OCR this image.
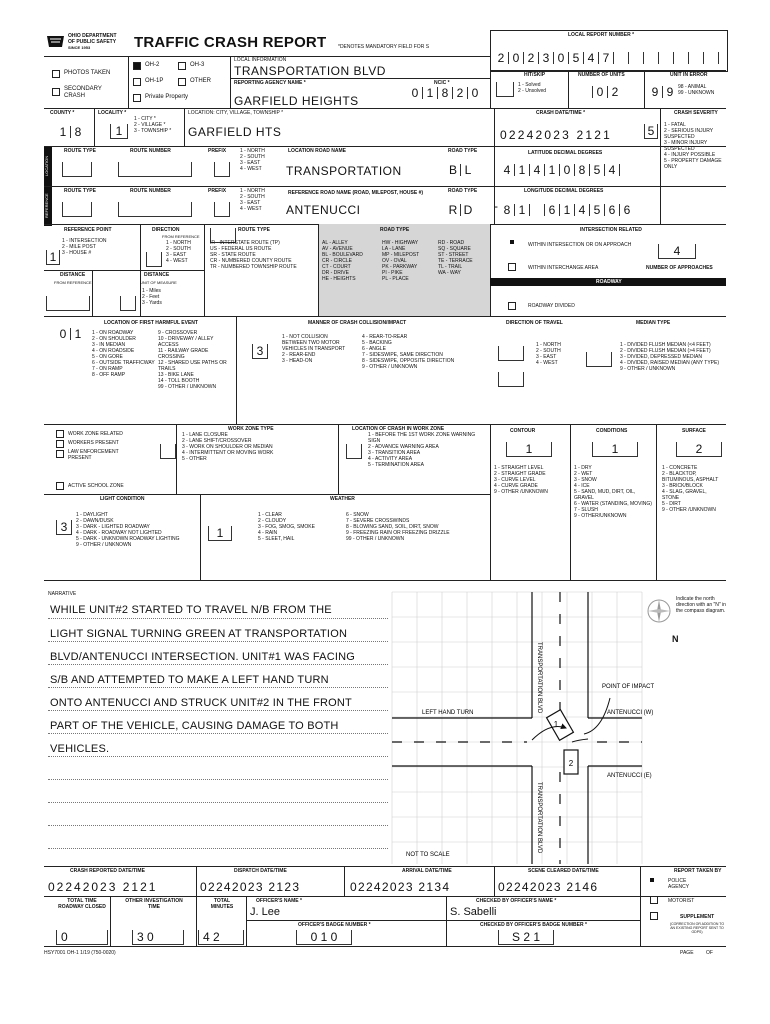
OHIO DEPARTMENT
OF PUBLIC SAFETY
SINCE 1953	TRAFFIC CRASH REPORT *DENOTES MANDATORY FIELD FOR S
LOCAL REPORT NUMBER *
2 0 2 3 0 5 4 7
PHOTOS TAKEN
SECONDARY CRASH
OH-2	OH-3
OH-1P	OTHER
Private Property
LOCAL INFORMATION
TRANSPORTATION BLVD
REPORTING AGENCY NAME *
GARFIELD HEIGHTS
NCIC *
0 1 8 2 0
HIT/SKIP
1 - Solved
2 - Unsolved
NUMBER OF UNITS
0 2
UNIT IN ERROR
9 9 98 - ANIMAL
99 - UNKNOWN
LOCATION
REFERENCE
COUNTY *
1 8
LOCALITY *
1
1 - CITY *
2 - VILLAGE *
3 - TOWNSHIP *
LOCATION: CITY, VILLAGE, TOWNSHIP *
GARFIELD HTS
CRASH DATE/TIME *
02242023 2121
CRASH SEVERITY
5	1 - FATAL
2 - SERIOUS INJURY SUSPECTED
3 - MINOR INJURY SUSPECTED
4 - INJURY POSSIBLE
5 - PROPERTY DAMAGE ONLY
ROUTE TYPE	ROUTE NUMBER	PREFIX	1 - NORTH
2 - SOUTH
3 - EAST
4 - WEST
LOCATION ROAD NAME
TRANSPORTATION
ROAD TYPE
B L
LATITUDE DECIMAL DEGREES
4 1 4 1 0 8 5 4
ROUTE TYPE	ROUTE NUMBER	PREFIX	1 - NORTH
2 - SOUTH
3 - EAST
4 - WEST
REFERENCE ROAD NAME (ROAD, MILEPOST, HOUSE #)
ANTENUCCI
ROAD TYPE
R D
LONGITUDE DECIMAL DEGREES
- 8 1	6 1 4 5 6 6
REFERENCE POINT
1
1 - INTERSECTION
2 - MILE POST
3 - HOUSE #
DIRECTION
FROM REFERENCE
1 - NORTH
2 - SOUTH
3 - EAST
4 - WEST
DISTANCE
FROM REFERENCE
DISTANCE
UNIT OF MEASURE
1 - Miles
2 - Feet
3 - Yards
ROUTE TYPE
IR - INTERSTATE ROUTE (TP)
US - FEDERAL US ROUTE
SR - STATE ROUTE
CR - NUMBERED COUNTY ROUTE
TR - NUMBERED TOWNSHIP ROUTE
ROAD TYPE
AL - ALLEY
AV - AVENUE
BL - BOULEVARD
CR - CIRCLE
CT - COURT
DR - DRIVE
HE - HEIGHTS
HW - HIGHWAY
LA - LANE
MP - MILEPOST
OV - OVAL
PK - PARKWAY
PI - PIKE
PL - PLACE
RD - ROAD
SQ - SQUARE
ST - STREET
TE - TERRACE
TL - TRAIL
WA - WAY
INTERSECTION RELATED
WITHIN INTERSECTION OR ON APPROACH	4
WITHIN INTERCHANGE AREA	NUMBER OF APPROACHES
ROADWAY
ROADWAY DIVIDED
LOCATION OF FIRST HARMFUL EVENT
0 1	1 - ON ROADWAY
2 - ON SHOULDER
3 - IN MEDIAN
4 - ON ROADSIDE
5 - ON GORE
6 - OUTSIDE TRAFFICWAY
7 - ON RAMP
8 - OFF RAMP
9 - CROSSOVER
10 - DRIVEWAY / ALLEY ACCESS
11 - RAILWAY GRADE CROSSING
12 - SHARED USE PATHS OR TRAILS
13 - BIKE LANE
14 - TOLL BOOTH
99 - OTHER / UNKNOWN
MANNER OF CRASH COLLISION/IMPACT
3
1 - NOT COLLISION BETWEEN TWO MOTOR VEHICLES IN TRANSPORT
2 - REAR-END
3 - HEAD-ON
4 - REAR-TO-REAR
5 - BACKING
6 - ANGLE
7 - SIDESWIPE, SAME DIRECTION
8 - SIDESWIPE, OPPOSITE DIRECTION
9 - OTHER / UNKNOWN
DIRECTION OF TRAVEL
1 - NORTH
2 - SOUTH
3 - EAST
4 - WEST
MEDIAN TYPE
1 - DIVIDED FLUSH MEDIAN (<4 FEET)
2 - DIVIDED FLUSH MEDIAN (>4 FEET)
3 - DIVIDED, DEPRESSED MEDIAN
4 - DIVIDED, RAISED MEDIAN (ANY TYPE)
9 - OTHER / UNKNOWN
WORK ZONE RELATED
WORKERS PRESENT
LAW ENFORCEMENT PRESENT
ACTIVE SCHOOL ZONE
WORK ZONE TYPE
1 - LANE CLOSURE
2 - LANE SHIFT/CROSSOVER
3 - WORK ON SHOULDER OR MEDIAN
4 - INTERMITTENT OR MOVING WORK
5 - OTHER
LOCATION OF CRASH IN WORK ZONE
1 - BEFORE THE 1ST WORK ZONE WARNING SIGN
2 - ADVANCE WARNING AREA
3 - TRANSITION AREA
4 - ACTIVITY AREA
5 - TERMINATION AREA
CONTOUR
1
1 - STRAIGHT LEVEL
2 - STRAIGHT GRADE
3 - CURVE LEVEL
4 - CURVE GRADE
9 - OTHER /UNKNOWN
CONDITIONS
1
1 - DRY
2 - WET
3 - SNOW
4 - ICE
5 - SAND, MUD, DIRT, OIL, GRAVEL
6 - WATER (STANDING, MOVING)
7 - SLUSH
9 - OTHER/UNKNOWN
SURFACE
2
1 - CONCRETE
2 - BLACKTOP, BITUMINOUS, ASPHALT
3 - BRICK/BLOCK
4 - SLAG, GRAVEL, STONE
5 - DIRT
9 - OTHER /UNKNOWN
LIGHT CONDITION
3
1 - DAYLIGHT
2 - DAWN/DUSK
3 - DARK - LIGHTED ROADWAY
4 - DARK - ROADWAY NOT LIGHTED
5 - DARK - UNKNOWN ROADWAY LIGHTING
9 - OTHER / UNKNOWN
WEATHER
1
1 - CLEAR
2 - CLOUDY
3 - FOG, SMOG, SMOKE
4 - RAIN
5 - SLEET, HAIL
6 - SNOW
7 - SEVERE CROSSWINDS
8 - BLOWING SAND, SOIL, DIRT, SNOW
9 - FREEZING RAIN OR FREEZING DRIZZLE
99 - OTHER / UNKNOWN
NARRATIVE
WHILE UNIT#2 STARTED TO TRAVEL N/B FROM THE
LIGHT SIGNAL TURNING GREEN AT TRANSPORTATION
BLVD/ANTENUCCI INTERSECTION. UNIT#1 WAS FACING
S/B AND ATTEMPTED TO MAKE A LEFT HAND TURN
ONTO ANTENUCCI AND STRUCK UNIT#2 IN THE FRONT
PART OF THE VEHICLE, CAUSING DAMAGE TO BOTH
VEHICLES.
1
2
POINT OF IMPACT
LEFT HAND TURN	ANTENUCCI (W)
ANTENUCCI (E)
NOT TO SCALE
TRANSPORTATION BLVD
TRANSPORTATION BLVD
Indicate the north direction with an "N" in the compass diagram.
N
CRASH REPORTED DATE/TIME
02242023 2121
DISPATCH DATE/TIME
02242023 2123
ARRIVAL DATE/TIME
02242023 2134
SCENE CLEARED DATE/TIME
02242023 2146
REPORT TAKEN BY
POLICE AGENCY
MOTORIST
SUPPLEMENT
(CORRECTION OR ADDITION TO AN EXISTING REPORT SENT TO ODPS)
TOTAL TIME ROADWAY CLOSED
0
OTHER INVESTIGATION TIME
3 0
TOTAL MINUTES
4 2
OFFICER'S NAME *
J. Lee
CHECKED BY OFFICER'S NAME *
S. Sabelli
OFFICER'S BADGE NUMBER *
0 1 0
CHECKED BY OFFICER'S BADGE NUMBER *
S 2 1
HSY7001 OH-1 1/19 (750-0020)	PAGE OF
